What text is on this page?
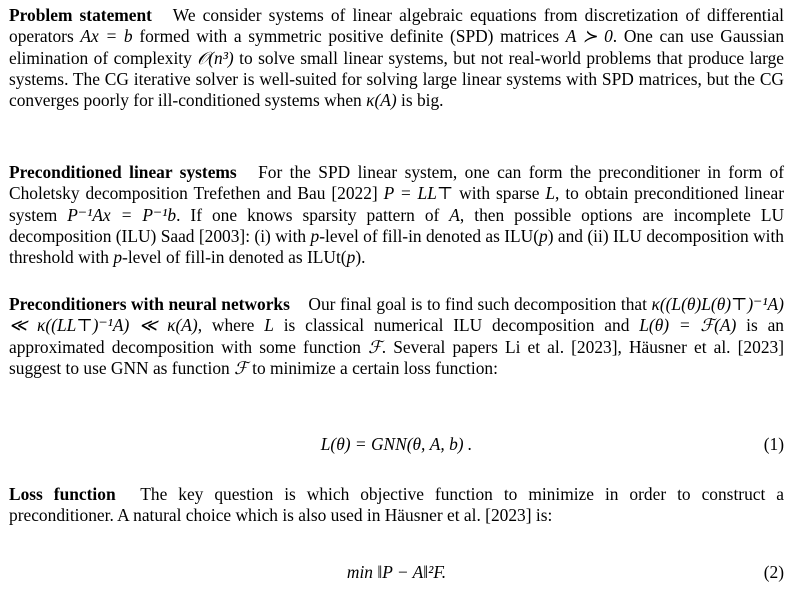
Problem statement We consider systems of linear algebraic equations from discretization of differential operators Ax = b formed with a symmetric positive definite (SPD) matrices A ≻ 0. One can use Gaussian elimination of complexity 𝒪(n³) to solve small linear systems, but not real-world problems that produce large systems. The CG iterative solver is well-suited for solving large linear systems with SPD matrices, but the CG converges poorly for ill-conditioned systems when κ(A) is big.

Preconditioned linear systems For the SPD linear system, one can form the preconditioner in form of Choletsky decomposition Trefethen and Bau [2022] P = LL⊤ with sparse L, to obtain preconditioned linear system P⁻¹Ax = P⁻¹b. If one knows sparsity pattern of A, then possible options are incomplete LU decomposition (ILU) Saad [2003]: (i) with p-level of fill-in denoted as ILU(p) and (ii) ILU decomposition with threshold with p-level of fill-in denoted as ILUt(p).

Preconditioners with neural networks Our final goal is to find such decomposition that κ((L(θ)L(θ)⊤)⁻¹A) ≪ κ((LL⊤)⁻¹A) ≪ κ(A), where L is classical numerical ILU decomposition and L(θ) = ℱ(A) is an approximated decomposition with some function ℱ. Several papers Li et al. [2023], Häusner et al. [2023] suggest to use GNN as function ℱ to minimize a certain loss function:

L(θ) = GNN(θ, A, b) .	(1)

Loss function The key question is which objective function to minimize in order to construct a preconditioner. A natural choice which is also used in Häusner et al. [2023] is:

min ‖P − A‖²F.	(2)
